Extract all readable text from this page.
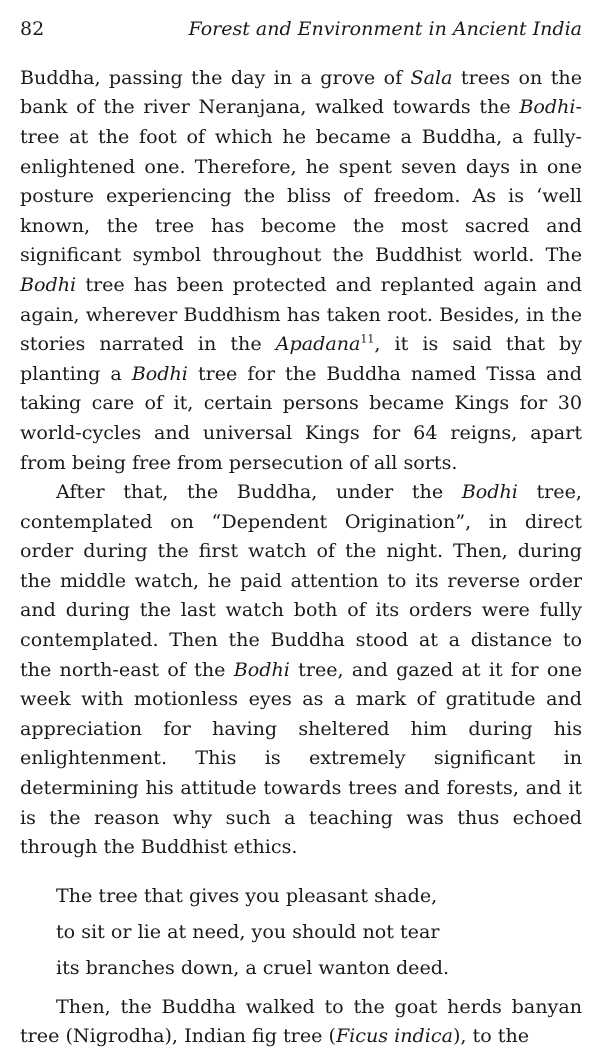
82	Forest and Environment in Ancient India

Buddha, passing the day in a grove of Sala trees on the bank of the river Neranjana, walked towards the Bodhi-tree at the foot of which he became a Buddha, a fully-enlightened one. Therefore, he spent seven days in one posture experiencing the bliss of freedom. As is ‘well known, the tree has become the most sacred and significant symbol throughout the Buddhist world. The Bodhi tree has been protected and replanted again and again, wherever Buddhism has taken root. Besides, in the stories narrated in the Apadana$^{11}$, it is said that by planting a Bodhi tree for the Buddha named Tissa and taking care of it, certain persons became Kings for 30 world-cycles and universal Kings for 64 reigns, apart from being free from persecution of all sorts.

After that, the Buddha, under the Bodhi tree, contemplated on “Dependent Origination”, in direct order during the first watch of the night. Then, during the middle watch, he paid attention to its reverse order and during the last watch both of its orders were fully contemplated. Then the Buddha stood at a distance to the north-east of the Bodhi tree, and gazed at it for one week with motionless eyes as a mark of gratitude and appreciation for having sheltered him during his enlightenment. This is extremely significant in determining his attitude towards trees and forests, and it is the reason why such a teaching was thus echoed through the Buddhist ethics.

The tree that gives you pleasant shade,
to sit or lie at need, you should not tear
its branches down, a cruel wanton deed.

Then, the Buddha walked to the goat herds banyan tree (Nigrodha), Indian fig tree (Ficus indica), to the
